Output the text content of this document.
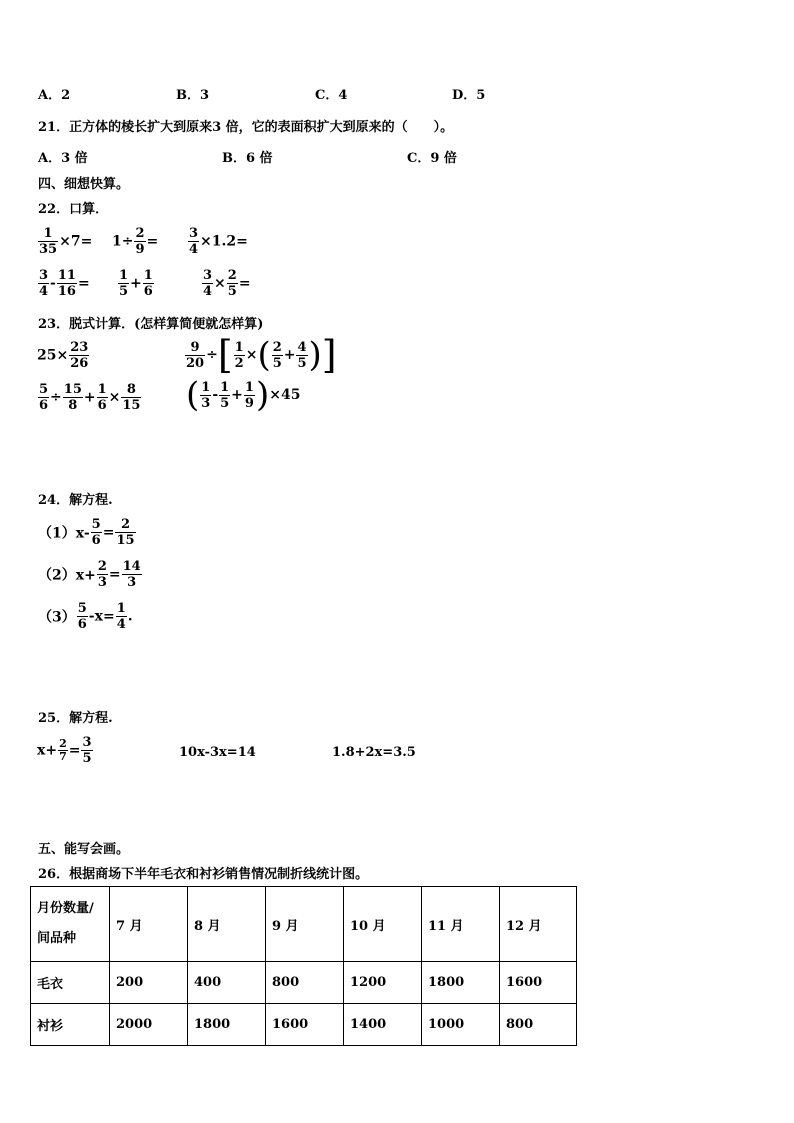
A．2	B．3	C．4	D．5
21．正方体的棱长扩大到原来3 倍，它的表面积扩大到原来的（　　）。
A．3 倍	B．6 倍	C．9 倍
四、细想快算。
22．口算．
$\frac{1}{35} \times 7= 1\div \frac{2}{9} = \frac{3}{4} \times 1.2=$
$\frac{3}{4} - \frac{11}{16} = \frac{1}{5} + \frac{1}{6}$	$\frac{3}{4} \times \frac{2}{5}$ =
23．脱式计算．(怎样算简便就怎样算)
$25\times \frac{23}{26}$	$\frac{9}{20}$ ÷[ $\frac{1}{2}$ ×( $\frac{2}{5} + \frac{4}{5}$ )]
$\frac{5}{6} \div \frac{15}{8} + \frac{1}{6} \times \frac{8}{15}$ ( $\frac{1}{3} - \frac{1}{5} + \frac{1}{9} )\times 45$
24．解方程.
$(1)x- \frac{5}{6} = \frac{2}{15}$
$(2)x+ \frac{2}{3} = \frac{14}{3}$
$(3) \frac{5}{6} -x= \frac{1}{4}$ .
25．解方程.
$x+ \frac{2}{7} = \frac{3}{5}$	10x-3x=14	1.8+2x=3.5
五、能写会画。
26．根据商场下半年毛衣和衬衫销售情况制折线统计图。
月份数量/
间品种	7 月	8 月	9 月	10 月	11 月	12 月
毛衣	200	400	800	1200	1800	1600
衬衫	2000	1800	1600	1400	1000	800
